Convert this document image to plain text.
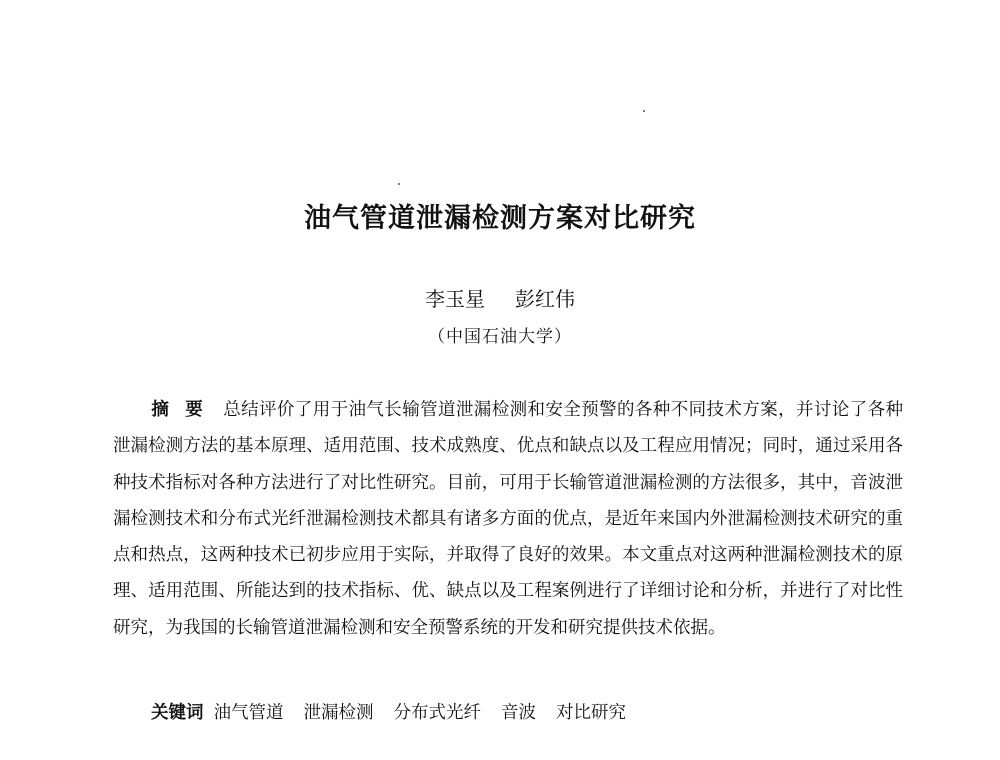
油气管道泄漏检测方案对比研究

李玉星 彭红伟

（中国石油大学）

摘要 总结评价了用于油气长输管道泄漏检测和安全预警的各种不同技术方案，并讨论了各种泄漏检测方法的基本原理、适用范围、技术成熟度、优点和缺点以及工程应用情况；同时，通过采用各种技术指标对各种方法进行了对比性研究。目前，可用于长输管道泄漏检测的方法很多，其中，音波泄漏检测技术和分布式光纤泄漏检测技术都具有诸多方面的优点，是近年来国内外泄漏检测技术研究的重点和热点，这两种技术已初步应用于实际，并取得了良好的效果。本文重点对这两种泄漏检测技术的原理、适用范围、所能达到的技术指标、优、缺点以及工程案例进行了详细讨论和分析，并进行了对比性研究，为我国的长输管道泄漏检测和安全预警系统的开发和研究提供技术依据。

关键词 油气管道 泄漏检测 分布式光纤 音波 对比研究
